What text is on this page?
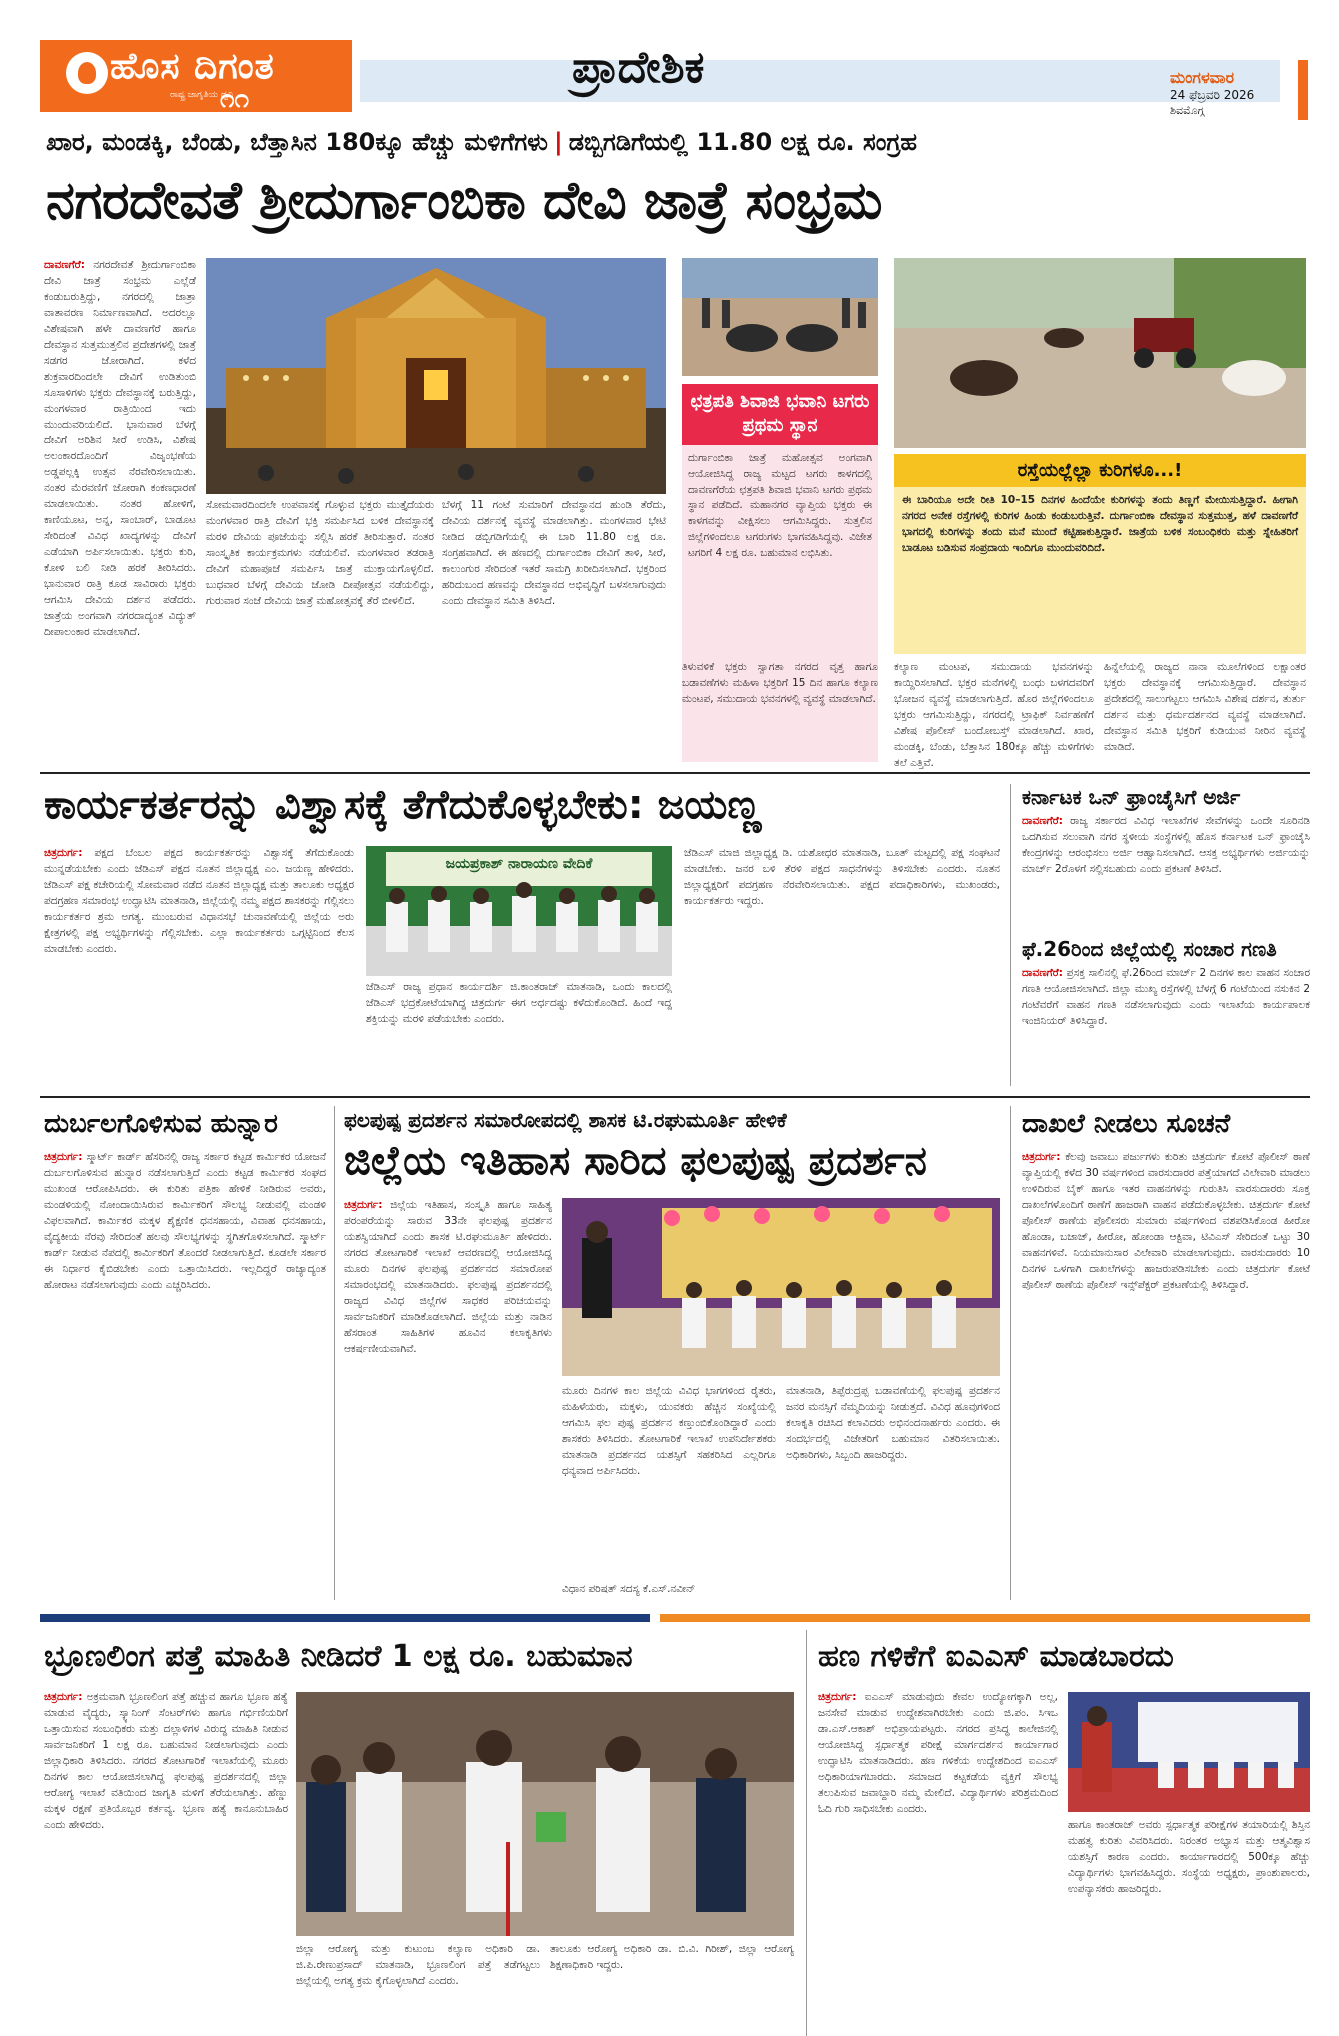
ಹೊಸ ದಿಗಂತ
ರಾಷ್ಟ್ರ ಜಾಗೃತಿಯ ಧ್ವನಿ
೧೧
ಪ್ರಾದೇಶಿಕ	ಮಂಗಳವಾರ
24 ಫೆಬ್ರವರಿ 2026
ಶಿವಮೊಗ್ಗ
ಖಾರ, ಮಂಡಕ್ಕಿ, ಬೆಂಡು, ಬೆತ್ತಾಸಿನ 180ಕ್ಕೂ ಹೆಚ್ಚು ಮಳಿಗೆಗಳು | ಡಬ್ಬಿಗಡಿಗೆಯಲ್ಲಿ 11.80 ಲಕ್ಷ ರೂ. ಸಂಗ್ರಹ
ನಗರದೇವತೆ ಶ್ರೀದುರ್ಗಾಂಬಿಕಾ ದೇವಿ ಜಾತ್ರೆ ಸಂಭ್ರಮ
ದಾವಣಗೆರೆ: ನಗರದೇವತೆ ಶ್ರೀದುರ್ಗಾಂಬಿಕಾ ದೇವಿ ಜಾತ್ರೆ ಸಂಭ್ರಮ ಎಲ್ಲೆಡೆ ಕಂಡುಬರುತ್ತಿದ್ದು, ನಗರದಲ್ಲಿ ಜಾತ್ರಾ ವಾತಾವರಣ ನಿರ್ಮಾಣವಾಗಿದೆ. ಅದರಲ್ಲೂ ವಿಶೇಷವಾಗಿ ಹಳೇ ದಾವಣಗೆರೆ ಹಾಗೂ ದೇವಸ್ಥಾನ ಸುತ್ತಮುತ್ತಲಿನ ಪ್ರದೇಶಗಳಲ್ಲಿ ಜಾತ್ರೆ ಸಡಗರ ಜೋರಾಗಿದೆ. ಕಳೆದ ಶುಕ್ರವಾರದಿಂದಲೇ ದೇವಿಗೆ ಉಡಿತುಂಬಿ ಸೂಸಾಳಿಗಳು ಭಕ್ತರು ದೇವಸ್ಥಾನಕ್ಕೆ ಬರುತ್ತಿದ್ದು, ಮಂಗಳವಾರ ರಾತ್ರಿಯಿಂದ ಇದು ಮುಂದುವರಿಯಲಿದೆ. ಭಾನುವಾರ ಬೆಳಗ್ಗೆ ದೇವಿಗೆ ಅರಿಶಿನ ಸೀರೆ ಉಡಿಸಿ, ವಿಶೇಷ ಅಲಂಕಾರದೊಂದಿಗೆ ವಿಜೃಂಭಣೆಯ ಅಡ್ಡಪಲ್ಲಕ್ಕಿ ಉತ್ಸವ ನೆರವೇರಿಸಲಾಯಿತು. ನಂತರ ಮೆರವಣಿಗೆ ಜೋರಾಗಿ ಕಂಕಣಧಾರಣೆ ಮಾಡಲಾಯಿತು. ನಂತರ ಹೋಳಿಗೆ, ಕಾಣಿಯೂಟ, ಅನ್ನ, ಸಾಂಬಾರ್, ಬಾಡೂಟ ಸೇರಿದಂತೆ ವಿವಿಧ ಖಾದ್ಯಗಳನ್ನು ದೇವಿಗೆ ಎಡೆಯಾಗಿ ಅರ್ಪಿಸಲಾಯಿತು. ಭಕ್ತರು ಕುರಿ, ಕೋಳಿ ಬಲಿ ನೀಡಿ ಹರಕೆ ತೀರಿಸಿದರು. ಭಾನುವಾರ ರಾತ್ರಿ ಕೂಡ ಸಾವಿರಾರು ಭಕ್ತರು ಆಗಮಿಸಿ ದೇವಿಯ ದರ್ಶನ ಪಡೆದರು. ಜಾತ್ರೆಯ ಅಂಗವಾಗಿ ನಗರದಾದ್ಯಂತ ವಿದ್ಯುತ್ ದೀಪಾಲಂಕಾರ ಮಾಡಲಾಗಿದೆ.
ಸೋಮವಾರದಿಂದಲೇ ಉಪವಾಸಕ್ಕೆ ಗೊಳ್ಳುವ ಭಕ್ತರು ಮುತ್ತೈದೆಯರು ಮಂಗಳವಾರ ರಾತ್ರಿ ದೇವಿಗೆ ಭಕ್ತಿ ಸಮರ್ಪಿಸಿದ ಬಳಿಕ ದೇವಸ್ಥಾನಕ್ಕೆ ಮರಳಿ ದೇವಿಯ ಪೂಜೆಯನ್ನು ಸಲ್ಲಿಸಿ ಹರಕೆ ತೀರಿಸುತ್ತಾರೆ. ನಂತರ ಸಾಂಸ್ಕೃತಿಕ ಕಾರ್ಯಕ್ರಮಗಳು ನಡೆಯಲಿವೆ. ಮಂಗಳವಾರ ತಡರಾತ್ರಿ ದೇವಿಗೆ ಮಹಾಪೂಜೆ ಸಮರ್ಪಿಸಿ ಜಾತ್ರೆ ಮುಕ್ತಾಯಗೊಳ್ಳಲಿದೆ. ಬುಧವಾರ ಬೆಳಗ್ಗೆ ದೇವಿಯ ಜೋಡಿ ದೀಪೋತ್ಸವ ನಡೆಯಲಿದ್ದು, ಗುರುವಾರ ಸಂಜೆ ದೇವಿಯ ಜಾತ್ರೆ ಮಹೋತ್ಸವಕ್ಕೆ ತೆರೆ ಬೀಳಲಿದೆ.
ಬೆಳಗ್ಗೆ 11 ಗಂಟೆ ಸುಮಾರಿಗೆ ದೇವಸ್ಥಾನದ ಹುಂಡಿ ತೆರೆದು, ದೇವಿಯ ದರ್ಶನಕ್ಕೆ ವ್ಯವಸ್ಥೆ ಮಾಡಲಾಗಿತ್ತು. ಮಂಗಳವಾರ ಭೇಟಿ ನೀಡಿದ ಡಬ್ಬಿಗಡಿಗೆಯಲ್ಲಿ ಈ ಬಾರಿ 11.80 ಲಕ್ಷ ರೂ. ಸಂಗ್ರಹವಾಗಿದೆ. ಈ ಹಣದಲ್ಲಿ ದುರ್ಗಾಂಬಿಕಾ ದೇವಿಗೆ ತಾಳಿ, ಸೀರೆ, ಕಾಲುಂಗುರ ಸೇರಿದಂತೆ ಇತರೆ ಸಾಮಗ್ರಿ ಖರೀದಿಸಲಾಗಿದೆ. ಭಕ್ತರಿಂದ ಹರಿದುಬಂದ ಹಣವನ್ನು ದೇವಸ್ಥಾನದ ಅಭಿವೃದ್ಧಿಗೆ ಬಳಸಲಾಗುವುದು ಎಂದು ದೇವಸ್ಥಾನ ಸಮಿತಿ ತಿಳಿಸಿದೆ.
ಛತ್ರಪತಿ ಶಿವಾಜಿ ಭವಾನಿ ಟಗರು ಪ್ರಥಮ ಸ್ಥಾನ
ದುರ್ಗಾಂಬಿಕಾ ಜಾತ್ರೆ ಮಹೋತ್ಸವ ಅಂಗವಾಗಿ ಆಯೋಜಿಸಿದ್ದ ರಾಜ್ಯ ಮಟ್ಟದ ಟಗರು ಕಾಳಗದಲ್ಲಿ ದಾವಣಗೆರೆಯ ಛತ್ರಪತಿ ಶಿವಾಜಿ ಭವಾನಿ ಟಗರು ಪ್ರಥಮ ಸ್ಥಾನ ಪಡೆದಿದೆ. ಮಹಾನಗರ ವ್ಯಾಪ್ತಿಯ ಭಕ್ತರು ಈ ಕಾಳಗವನ್ನು ವೀಕ್ಷಿಸಲು ಆಗಮಿಸಿದ್ದರು. ಸುತ್ತಲಿನ ಜಿಲ್ಲೆಗಳಿಂದಲೂ ಟಗರುಗಳು ಭಾಗವಹಿಸಿದ್ದವು. ವಿಜೇತ ಟಗರಿಗೆ 4 ಲಕ್ಷ ರೂ. ಬಹುಮಾನ ಲಭಿಸಿತು.
ರಸ್ತೆಯಲ್ಲೆಲ್ಲಾ ಕುರಿಗಳೂ...!
ಈ ಬಾರಿಯೂ ಅದೇ ರೀತಿ 10–15 ದಿನಗಳ ಹಿಂದೆಯೇ ಕುರಿಗಳನ್ನು ತಂದು ತಿಣ್ಣಗೆ ಮೇಯಿಸುತ್ತಿದ್ದಾರೆ. ಹೀಗಾಗಿ ನಗರದ ಅನೇಕ ರಸ್ತೆಗಳಲ್ಲಿ ಕುರಿಗಳ ಹಿಂಡು ಕಂಡುಬರುತ್ತಿವೆ. ದುರ್ಗಾಂಬಿಕಾ ದೇವಸ್ಥಾನ ಸುತ್ತಮುತ್ತ, ಹಳೆ ದಾವಣಗೆರೆ ಭಾಗದಲ್ಲಿ ಕುರಿಗಳನ್ನು ತಂದು ಮನೆ ಮುಂದೆ ಕಟ್ಟಿಹಾಕುತ್ತಿದ್ದಾರೆ. ಜಾತ್ರೆಯ ಬಳಿಕ ಸಂಬಂಧಿಕರು ಮತ್ತು ಸ್ನೇಹಿತರಿಗೆ ಬಾಡೂಟ ಬಡಿಸುವ ಸಂಪ್ರದಾಯ ಇಂದಿಗೂ ಮುಂದುವರಿದಿದೆ.
ತಿಳುವಳಿಕೆ ಭಕ್ತರು ಸ್ವಾಗತಾ ನಗರದ ವೃತ್ತ ಹಾಗೂ ಬಡಾವಣೆಗಳು ಮಹಿಳಾ ಭಕ್ತರಿಗೆ 15 ದಿನ ಹಾಗೂ ಕಲ್ಯಾಣ ಮಂಟಪ, ಸಮುದಾಯ ಭವನಗಳಲ್ಲಿ ವ್ಯವಸ್ಥೆ ಮಾಡಲಾಗಿದೆ.
ಕಲ್ಯಾಣ ಮಂಟಪ, ಸಮುದಾಯ ಭವನಗಳನ್ನು ಕಾಯ್ದಿರಿಸಲಾಗಿದೆ. ಭಕ್ತರ ಮನೆಗಳಲ್ಲಿ ಬಂಧು ಬಳಗದವರಿಗೆ ಭೋಜನ ವ್ಯವಸ್ಥೆ ಮಾಡಲಾಗುತ್ತಿದೆ. ಹೊರ ಜಿಲ್ಲೆಗಳಿಂದಲೂ ಭಕ್ತರು ಆಗಮಿಸುತ್ತಿದ್ದು, ನಗರದಲ್ಲಿ ಟ್ರಾಫಿಕ್ ನಿರ್ವಹಣೆಗೆ ವಿಶೇಷ ಪೊಲೀಸ್ ಬಂದೋಬಸ್ತ್ ಮಾಡಲಾಗಿದೆ. ಖಾರ, ಮಂಡಕ್ಕಿ, ಬೆಂಡು, ಬೆತ್ತಾಸಿನ 180ಕ್ಕೂ ಹೆಚ್ಚು ಮಳಿಗೆಗಳು ತಲೆ ಎತ್ತಿವೆ.
ಹಿನ್ನೆಲೆಯಲ್ಲಿ ರಾಜ್ಯದ ನಾನಾ ಮೂಲೆಗಳಿಂದ ಲಕ್ಷಾಂತರ ಭಕ್ತರು ದೇವಸ್ಥಾನಕ್ಕೆ ಆಗಮಿಸುತ್ತಿದ್ದಾರೆ. ದೇವಸ್ಥಾನ ಪ್ರದೇಶದಲ್ಲಿ ಸಾಲುಗಟ್ಟಲು ಆಗಮಿಸಿ ವಿಶೇಷ ದರ್ಶನ, ತುರ್ತು ದರ್ಶನ ಮತ್ತು ಧರ್ಮದರ್ಶನದ ವ್ಯವಸ್ಥೆ ಮಾಡಲಾಗಿದೆ. ದೇವಸ್ಥಾನ ಸಮಿತಿ ಭಕ್ತರಿಗೆ ಕುಡಿಯುವ ನೀರಿನ ವ್ಯವಸ್ಥೆ ಮಾಡಿದೆ.
ಕಾರ್ಯಕರ್ತರನ್ನು ವಿಶ್ವಾಸಕ್ಕೆ ತೆಗೆದುಕೊಳ್ಳಬೇಕು: ಜಯಣ್ಣ
ಚಿತ್ರದುರ್ಗ: ಪಕ್ಷದ ಬೆಂಬಲ ಪಕ್ಷದ ಕಾರ್ಯಕರ್ತರನ್ನು ವಿಶ್ವಾಸಕ್ಕೆ ತೆಗೆದುಕೊಂಡು ಮುನ್ನಡೆಯಬೇಕು ಎಂದು ಜೆಡಿಎಸ್ ಪಕ್ಷದ ನೂತನ ಜಿಲ್ಲಾಧ್ಯಕ್ಷ ಎಂ. ಜಯಣ್ಣ ಹೇಳಿದರು. ಜೆಡಿಎಸ್ ಪಕ್ಷ ಕಚೇರಿಯಲ್ಲಿ ಸೋಮವಾರ ನಡೆದ ನೂತನ ಜಿಲ್ಲಾಧ್ಯಕ್ಷ ಮತ್ತು ತಾಲೂಕು ಅಧ್ಯಕ್ಷರ ಪದಗ್ರಹಣ ಸಮಾರಂಭ ಉದ್ಘಾಟಿಸಿ ಮಾತನಾಡಿ, ಜಿಲ್ಲೆಯಲ್ಲಿ ನಮ್ಮ ಪಕ್ಷದ ಶಾಸಕರನ್ನು ಗೆಲ್ಲಿಸಲು ಕಾರ್ಯಕರ್ತರ ಶ್ರಮ ಅಗತ್ಯ. ಮುಂಬರುವ ವಿಧಾನಸಭೆ ಚುನಾವಣೆಯಲ್ಲಿ ಜಿಲ್ಲೆಯ ಅರು ಕ್ಷೇತ್ರಗಳಲ್ಲಿ ಪಕ್ಷ ಅಭ್ಯರ್ಥಿಗಳನ್ನು ಗೆಲ್ಲಿಸಬೇಕು. ಎಲ್ಲಾ ಕಾರ್ಯಕರ್ತರು ಒಗ್ಗಟ್ಟಿನಿಂದ ಕೆಲಸ ಮಾಡಬೇಕು ಎಂದರು.
ಜಯಪ್ರಕಾಶ್ ನಾರಾಯಣ ವೇದಿಕೆ
ಜೆಡಿಎಸ್ ರಾಜ್ಯ ಪ್ರಧಾನ ಕಾರ್ಯದರ್ಶಿ ಜಿ.ಕಾಂತರಾಜ್ ಮಾತನಾಡಿ, ಒಂದು ಕಾಲದಲ್ಲಿ ಜೆಡಿಎಸ್ ಭದ್ರಕೋಟೆಯಾಗಿದ್ದ ಚಿತ್ರದುರ್ಗ ಈಗ ಅರ್ಧದಷ್ಟು ಕಳೆದುಕೊಂಡಿದೆ. ಹಿಂದೆ ಇದ್ದ ಶಕ್ತಿಯನ್ನು ಮರಳಿ ಪಡೆಯಬೇಕು ಎಂದರು.
ಜೆಡಿಎಸ್ ಮಾಜಿ ಜಿಲ್ಲಾಧ್ಯಕ್ಷ ಡಿ. ಯಶೋಧರ ಮಾತನಾಡಿ, ಬೂತ್ ಮಟ್ಟದಲ್ಲಿ ಪಕ್ಷ ಸಂಘಟನೆ ಮಾಡಬೇಕು. ಜನರ ಬಳಿ ತೆರಳಿ ಪಕ್ಷದ ಸಾಧನೆಗಳನ್ನು ತಿಳಿಸಬೇಕು ಎಂದರು. ನೂತನ ಜಿಲ್ಲಾಧ್ಯಕ್ಷರಿಗೆ ಪದಗ್ರಹಣ ನೆರವೇರಿಸಲಾಯಿತು. ಪಕ್ಷದ ಪದಾಧಿಕಾರಿಗಳು, ಮುಖಂಡರು, ಕಾರ್ಯಕರ್ತರು ಇದ್ದರು.
ಕರ್ನಾಟಕ ಒನ್ ಫ್ರಾಂಚೈಸಿಗೆ ಅರ್ಜಿ
ದಾವಣಗೆರೆ: ರಾಜ್ಯ ಸರ್ಕಾರದ ವಿವಿಧ ಇಲಾಖೆಗಳ ಸೇವೆಗಳನ್ನು ಒಂದೇ ಸೂರಿನಡಿ ಒದಗಿಸುವ ಸಲುವಾಗಿ ನಗರ ಸ್ಥಳೀಯ ಸಂಸ್ಥೆಗಳಲ್ಲಿ ಹೊಸ ಕರ್ನಾಟಕ ಒನ್ ಫ್ರಾಂಚೈಸಿ ಕೇಂದ್ರಗಳನ್ನು ಆರಂಭಿಸಲು ಅರ್ಜಿ ಆಹ್ವಾನಿಸಲಾಗಿದೆ. ಆಸಕ್ತ ಅಭ್ಯರ್ಥಿಗಳು ಅರ್ಜಿಯನ್ನು ಮಾರ್ಚ್ 2ರೊಳಗೆ ಸಲ್ಲಿಸಬಹುದು ಎಂದು ಪ್ರಕಟಣೆ ತಿಳಿಸಿದೆ.
ಫೆ.26ರಿಂದ ಜಿಲ್ಲೆಯಲ್ಲಿ ಸಂಚಾರ ಗಣತಿ
ದಾವಣಗೆರೆ: ಪ್ರಸಕ್ತ ಸಾಲಿನಲ್ಲಿ ಫೆ.26ರಿಂದ ಮಾರ್ಚ್ 2 ದಿನಗಳ ಕಾಲ ವಾಹನ ಸಂಚಾರ ಗಣತಿ ಆಯೋಜಿಸಲಾಗಿದೆ. ಜಿಲ್ಲಾ ಮುಖ್ಯ ರಸ್ತೆಗಳಲ್ಲಿ ಬೆಳಗ್ಗೆ 6 ಗಂಟೆಯಿಂದ ನಸುಕಿನ 2 ಗಂಟೆವರೆಗೆ ವಾಹನ ಗಣತಿ ನಡೆಸಲಾಗುವುದು ಎಂದು ಇಲಾಖೆಯ ಕಾರ್ಯಪಾಲಕ ಇಂಜಿನಿಯರ್ ತಿಳಿಸಿದ್ದಾರೆ.
ದುರ್ಬಲಗೊಳಿಸುವ ಹುನ್ನಾರ
ಚಿತ್ರದುರ್ಗ: ಸ್ಮಾರ್ಟ್ ಕಾರ್ಡ್ ಹೆಸರಿನಲ್ಲಿ ರಾಜ್ಯ ಸರ್ಕಾರ ಕಟ್ಟಡ ಕಾರ್ಮಿಕರ ಯೋಜನೆ ದುರ್ಬಲಗೊಳಿಸುವ ಹುನ್ನಾರ ನಡೆಸಲಾಗುತ್ತಿದೆ ಎಂದು ಕಟ್ಟಡ ಕಾರ್ಮಿಕರ ಸಂಘದ ಮುಖಂಡ ಆರೋಪಿಸಿದರು. ಈ ಕುರಿತು ಪತ್ರಿಕಾ ಹೇಳಿಕೆ ನೀಡಿರುವ ಅವರು, ಮಂಡಳಿಯಲ್ಲಿ ನೋಂದಾಯಿಸಿರುವ ಕಾರ್ಮಿಕರಿಗೆ ಸೌಲಭ್ಯ ನೀಡುವಲ್ಲಿ ಮಂಡಳಿ ವಿಫಲವಾಗಿದೆ. ಕಾರ್ಮಿಕರ ಮಕ್ಕಳ ಶೈಕ್ಷಣಿಕ ಧನಸಹಾಯ, ವಿವಾಹ ಧನಸಹಾಯ, ವೈದ್ಯಕೀಯ ನೆರವು ಸೇರಿದಂತೆ ಹಲವು ಸೌಲಭ್ಯಗಳನ್ನು ಸ್ಥಗಿತಗೊಳಿಸಲಾಗಿದೆ. ಸ್ಮಾರ್ಟ್ ಕಾರ್ಡ್ ನೀಡುವ ನೆಪದಲ್ಲಿ ಕಾರ್ಮಿಕರಿಗೆ ತೊಂದರೆ ನೀಡಲಾಗುತ್ತಿದೆ. ಕೂಡಲೇ ಸರ್ಕಾರ ಈ ನಿರ್ಧಾರ ಕೈಬಿಡಬೇಕು ಎಂದು ಒತ್ತಾಯಿಸಿದರು. ಇಲ್ಲದಿದ್ದರೆ ರಾಜ್ಯಾದ್ಯಂತ ಹೋರಾಟ ನಡೆಸಲಾಗುವುದು ಎಂದು ಎಚ್ಚರಿಸಿದರು.
ಫಲಪುಷ್ಪ ಪ್ರದರ್ಶನ ಸಮಾರೋಪದಲ್ಲಿ ಶಾಸಕ ಟಿ.ರಘುಮೂರ್ತಿ ಹೇಳಿಕೆ
ಜಿಲ್ಲೆಯ ಇತಿಹಾಸ ಸಾರಿದ ಫಲಪುಷ್ಪ ಪ್ರದರ್ಶನ
ಚಿತ್ರದುರ್ಗ: ಜಿಲ್ಲೆಯ ಇತಿಹಾಸ, ಸಂಸ್ಕೃತಿ ಹಾಗೂ ಸಾಹಿತ್ಯ ಪರಂಪರೆಯನ್ನು ಸಾರುವ 33ನೇ ಫಲಪುಷ್ಪ ಪ್ರದರ್ಶನ ಯಶಸ್ವಿಯಾಗಿದೆ ಎಂದು ಶಾಸಕ ಟಿ.ರಘುಮೂರ್ತಿ ಹೇಳಿದರು. ನಗರದ ತೋಟಗಾರಿಕೆ ಇಲಾಖೆ ಆವರಣದಲ್ಲಿ ಆಯೋಜಿಸಿದ್ದ ಮೂರು ದಿನಗಳ ಫಲಪುಷ್ಪ ಪ್ರದರ್ಶನದ ಸಮಾರೋಪ ಸಮಾರಂಭದಲ್ಲಿ ಮಾತನಾಡಿದರು. ಫಲಪುಷ್ಪ ಪ್ರದರ್ಶನದಲ್ಲಿ ರಾಜ್ಯದ ವಿವಿಧ ಜಿಲ್ಲೆಗಳ ಸಾಧಕರ ಪರಿಚಯವನ್ನು ಸಾರ್ವಜನಿಕರಿಗೆ ಮಾಡಿಕೊಡಲಾಗಿದೆ. ಜಿಲ್ಲೆಯ ಮತ್ತು ನಾಡಿನ ಹೆಸರಾಂತ ಸಾಹಿತಿಗಳ ಹೂವಿನ ಕಲಾಕೃತಿಗಳು ಆಕರ್ಷಣೀಯವಾಗಿವೆ.
ಮೂರು ದಿನಗಳ ಕಾಲ ಜಿಲ್ಲೆಯ ವಿವಿಧ ಭಾಗಗಳಿಂದ ರೈತರು, ಮಹಿಳೆಯರು, ಮಕ್ಕಳು, ಯುವಕರು ಹೆಚ್ಚಿನ ಸಂಖ್ಯೆಯಲ್ಲಿ ಆಗಮಿಸಿ ಫಲ ಪುಷ್ಪ ಪ್ರದರ್ಶನ ಕಣ್ತುಂಬಿಕೊಂಡಿದ್ದಾರೆ ಎಂದು ಶಾಸಕರು ತಿಳಿಸಿದರು. ತೋಟಗಾರಿಕೆ ಇಲಾಖೆ ಉಪನಿರ್ದೇಶಕರು ಮಾತನಾಡಿ ಪ್ರದರ್ಶನದ ಯಶಸ್ಸಿಗೆ ಸಹಕರಿಸಿದ ಎಲ್ಲರಿಗೂ ಧನ್ಯವಾದ ಅರ್ಪಿಸಿದರು.
ಮಾತನಾಡಿ, ತಿಪ್ಪೆರುದ್ರಪ್ಪ ಬಡಾವಣೆಯಲ್ಲಿ ಫಲಪುಷ್ಪ ಪ್ರದರ್ಶನ ಜನರ ಮನಸ್ಸಿಗೆ ನೆಮ್ಮದಿಯನ್ನು ನೀಡುತ್ತದೆ. ವಿವಿಧ ಹೂವುಗಳಿಂದ ಕಲಾಕೃತಿ ರಚಿಸಿದ ಕಲಾವಿದರು ಅಭಿನಂದನಾರ್ಹರು ಎಂದರು. ಈ ಸಂದರ್ಭದಲ್ಲಿ ವಿಜೇತರಿಗೆ ಬಹುಮಾನ ವಿತರಿಸಲಾಯಿತು. ಅಧಿಕಾರಿಗಳು, ಸಿಬ್ಬಂದಿ ಹಾಜರಿದ್ದರು.
ವಿಧಾನ ಪರಿಷತ್ ಸದಸ್ಯ ಕೆ.ಎಸ್.ನವೀನ್
ದಾಖಲೆ ನೀಡಲು ಸೂಚನೆ
ಚಿತ್ರದುರ್ಗ: ಕೆಲವು ಜವಾಬು ಪರ್ಜುಗಳು ಕುರಿತು ಚಿತ್ರದುರ್ಗ ಕೋಟೆ ಪೊಲೀಸ್ ಠಾಣೆ ವ್ಯಾಪ್ತಿಯಲ್ಲಿ ಕಳೆದ 30 ವರ್ಷಗಳಿಂದ ವಾರಸುದಾರರ ಪತ್ತೆಯಾಗದೆ ವಿಲೇವಾರಿ ಮಾಡಲು ಉಳಿದಿರುವ ಬೈಕ್ ಹಾಗೂ ಇತರ ವಾಹನಗಳನ್ನು ಗುರುತಿಸಿ ವಾರಸುದಾರರು ಸೂಕ್ತ ದಾಖಲೆಗಳೊಂದಿಗೆ ಠಾಣೆಗೆ ಹಾಜರಾಗಿ ವಾಹನ ಪಡೆದುಕೊಳ್ಳಬೇಕು. ಚಿತ್ರದುರ್ಗ ಕೋಟೆ ಪೊಲೀಸ್ ಠಾಣೆಯ ಪೊಲೀಸರು ಸುಮಾರು ವರ್ಷಗಳಿಂದ ವಶಪಡಿಸಿಕೊಂಡ ಹೀರೋ ಹೊಂಡಾ, ಬಜಾಜ್, ಹೀರೋ, ಹೋಂಡಾ ಆಕ್ಟಿವಾ, ಟಿವಿಎಸ್ ಸೇರಿದಂತೆ ಒಟ್ಟು 30 ವಾಹನಗಳಿವೆ. ನಿಯಮಾನುಸಾರ ವಿಲೇವಾರಿ ಮಾಡಲಾಗುವುದು. ವಾರಸುದಾರರು 10 ದಿನಗಳ ಒಳಗಾಗಿ ದಾಖಲೆಗಳನ್ನು ಹಾಜರುಪಡಿಸಬೇಕು ಎಂದು ಚಿತ್ರದುರ್ಗ ಕೋಟೆ ಪೊಲೀಸ್ ಠಾಣೆಯ ಪೊಲೀಸ್ ಇನ್ಸ್‌ಪೆಕ್ಟರ್ ಪ್ರಕಟಣೆಯಲ್ಲಿ ತಿಳಿಸಿದ್ದಾರೆ.
ಭ್ರೂಣಲಿಂಗ ಪತ್ತೆ ಮಾಹಿತಿ ನೀಡಿದರೆ 1 ಲಕ್ಷ ರೂ. ಬಹುಮಾನ
ಚಿತ್ರದುರ್ಗ: ಅಕ್ರಮವಾಗಿ ಭ್ರೂಣಲಿಂಗ ಪತ್ತೆ ಹಚ್ಚುವ ಹಾಗೂ ಭ್ರೂಣ ಹತ್ಯೆ ಮಾಡುವ ವೈದ್ಯರು, ಸ್ಕ್ಯಾನಿಂಗ್ ಸೆಂಟರ್‌ಗಳು ಹಾಗೂ ಗರ್ಭಿಣಿಯರಿಗೆ ಒತ್ತಾಯಿಸುವ ಸಂಬಂಧಿಕರು ಮತ್ತು ದಲ್ಲಾಳಿಗಳ ವಿರುದ್ಧ ಮಾಹಿತಿ ನೀಡುವ ಸಾರ್ವಜನಿಕರಿಗೆ 1 ಲಕ್ಷ ರೂ. ಬಹುಮಾನ ನೀಡಲಾಗುವುದು ಎಂದು ಜಿಲ್ಲಾಧಿಕಾರಿ ತಿಳಿಸಿದರು. ನಗರದ ತೋಟಗಾರಿಕೆ ಇಲಾಖೆಯಲ್ಲಿ ಮೂರು ದಿನಗಳ ಕಾಲ ಆಯೋಜಿಸಲಾಗಿದ್ದ ಫಲಪುಷ್ಪ ಪ್ರದರ್ಶನದಲ್ಲಿ ಜಿಲ್ಲಾ ಆರೋಗ್ಯ ಇಲಾಖೆ ವತಿಯಿಂದ ಜಾಗೃತಿ ಮಳಿಗೆ ತೆರೆಯಲಾಗಿತ್ತು. ಹೆಣ್ಣು ಮಕ್ಕಳ ರಕ್ಷಣೆ ಪ್ರತಿಯೊಬ್ಬರ ಕರ್ತವ್ಯ. ಭ್ರೂಣ ಹತ್ಯೆ ಕಾನೂನುಬಾಹಿರ ಎಂದು ಹೇಳಿದರು.
ಜಿಲ್ಲಾ ಆರೋಗ್ಯ ಮತ್ತು ಕುಟುಂಬ ಕಲ್ಯಾಣ ಅಧಿಕಾರಿ ಡಾ. ಜಿ.ಪಿ.ರೇಣುಪ್ರಸಾದ್ ಮಾತನಾಡಿ, ಭ್ರೂಣಲಿಂಗ ಪತ್ತೆ ತಡೆಗಟ್ಟಲು ಜಿಲ್ಲೆಯಲ್ಲಿ ಅಗತ್ಯ ಕ್ರಮ ಕೈಗೊಳ್ಳಲಾಗಿದೆ ಎಂದರು.
ತಾಲೂಕು ಆರೋಗ್ಯ ಅಧಿಕಾರಿ ಡಾ. ಬಿ.ವಿ. ಗಿರೀಶ್, ಜಿಲ್ಲಾ ಆರೋಗ್ಯ ಶಿಕ್ಷಣಾಧಿಕಾರಿ ಇದ್ದರು.
ಹಣ ಗಳಿಕೆಗೆ ಐಎಎಸ್ ಮಾಡಬಾರದು
ಚಿತ್ರದುರ್ಗ: ಐಎಎಸ್ ಮಾಡುವುದು ಕೇವಲ ಉದ್ಯೋಗಕ್ಕಾಗಿ ಅಲ್ಲ, ಜನಸೇವೆ ಮಾಡುವ ಉದ್ದೇಶವಾಗಿರಬೇಕು ಎಂದು ಜಿ.ಪಂ. ಸಿಇಒ ಡಾ.ಎಸ್.ಆಕಾಶ್ ಅಭಿಪ್ರಾಯಪಟ್ಟರು. ನಗರದ ಪ್ರಸಿದ್ಧ ಕಾಲೇಜಿನಲ್ಲಿ ಆಯೋಜಿಸಿದ್ದ ಸ್ಪರ್ಧಾತ್ಮಕ ಪರೀಕ್ಷೆ ಮಾರ್ಗದರ್ಶನ ಕಾರ್ಯಾಗಾರ ಉದ್ಘಾಟಿಸಿ ಮಾತನಾಡಿದರು. ಹಣ ಗಳಿಕೆಯ ಉದ್ದೇಶದಿಂದ ಐಎಎಸ್ ಅಧಿಕಾರಿಯಾಗಬಾರದು. ಸಮಾಜದ ಕಟ್ಟಕಡೆಯ ವ್ಯಕ್ತಿಗೆ ಸೌಲಭ್ಯ ತಲುಪಿಸುವ ಜವಾಬ್ದಾರಿ ನಮ್ಮ ಮೇಲಿದೆ. ವಿದ್ಯಾರ್ಥಿಗಳು ಪರಿಶ್ರಮದಿಂದ ಓದಿ ಗುರಿ ಸಾಧಿಸಬೇಕು ಎಂದರು.
ಹಾಗೂ ಕಾಂತರಾಜ್ ಅವರು ಸ್ಪರ್ಧಾತ್ಮಕ ಪರೀಕ್ಷೆಗಳ ತಯಾರಿಯಲ್ಲಿ ಶಿಸ್ತಿನ ಮಹತ್ವ ಕುರಿತು ವಿವರಿಸಿದರು. ನಿರಂತರ ಅಭ್ಯಾಸ ಮತ್ತು ಆತ್ಮವಿಶ್ವಾಸ ಯಶಸ್ಸಿಗೆ ಕಾರಣ ಎಂದರು. ಕಾರ್ಯಾಗಾರದಲ್ಲಿ 500ಕ್ಕೂ ಹೆಚ್ಚು ವಿದ್ಯಾರ್ಥಿಗಳು ಭಾಗವಹಿಸಿದ್ದರು. ಸಂಸ್ಥೆಯ ಅಧ್ಯಕ್ಷರು, ಪ್ರಾಂಶುಪಾಲರು, ಉಪನ್ಯಾಸಕರು ಹಾಜರಿದ್ದರು.
